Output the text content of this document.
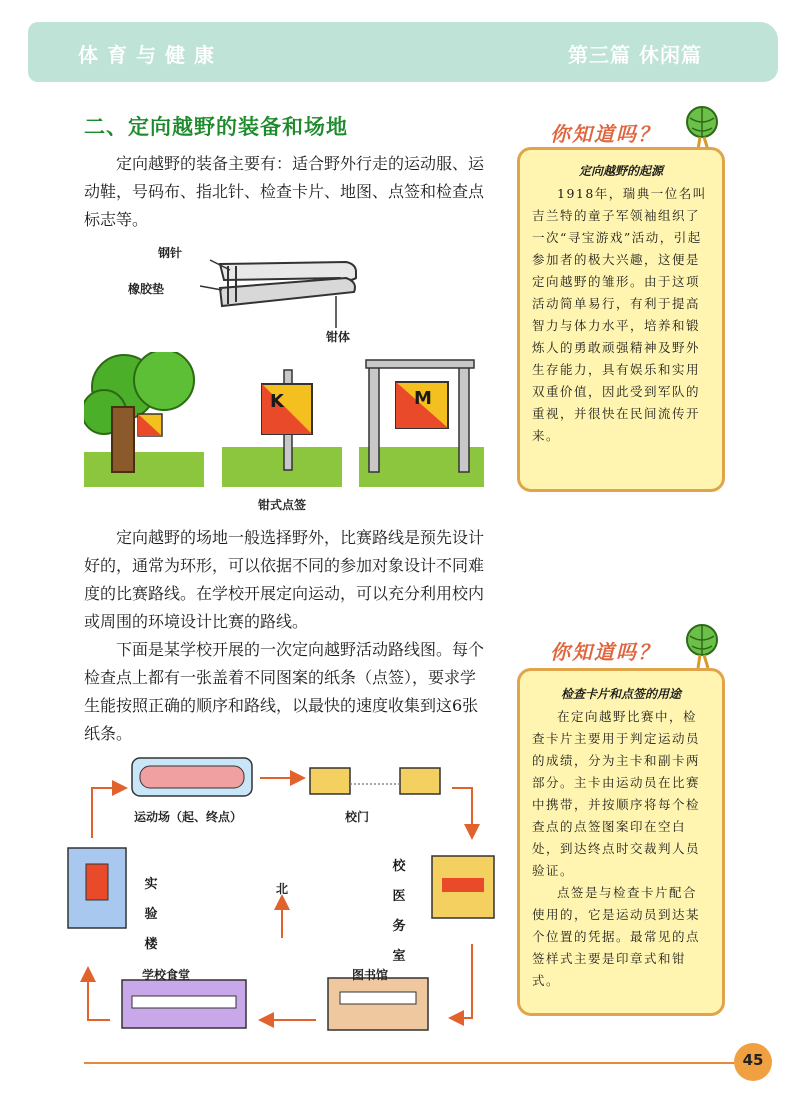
体育与健康	第三篇 休闲篇
二、定向越野的装备和场地
定向越野的装备主要有：适合野外行走的运动服、运动鞋，号码布、指北针、检查卡片、地图、点签和检查点标志等。
钢针
橡胶垫
钳体
K	M
钳式点签
定向越野的场地一般选择野外，比赛路线是预先设计好的，通常为环形，可以依据不同的参加对象设计不同难度的比赛路线。在学校开展定向运动，可以充分利用校内或周围的环境设计比赛的路线。
下面是某学校开展的一次定向越野活动路线图。每个检查点上都有一张盖着不同图案的纸条（点签），要求学生能按照正确的顺序和路线，以最快的速度收集到这6张纸条。
运动场（起、终点）	校门
实验楼
校医务室
北
学校食堂	图书馆
你知道吗？
定向越野的起源
1918年，瑞典一位名叫吉兰特的童子军领袖组织了一次“寻宝游戏”活动，引起参加者的极大兴趣，这便是定向越野的雏形。由于这项活动简单易行，有利于提高智力与体力水平，培养和锻炼人的勇敢顽强精神及野外生存能力，具有娱乐和实用双重价值，因此受到军队的重视，并很快在民间流传开来。
你知道吗？
检查卡片和点签的用途
在定向越野比赛中，检查卡片主要用于判定运动员的成绩，分为主卡和副卡两部分。主卡由运动员在比赛中携带，并按顺序将每个检查点的点签图案印在空白处，到达终点时交裁判人员验证。
点签是与检查卡片配合使用的，它是运动员到达某个位置的凭据。最常见的点签样式主要是印章式和钳式。
45
